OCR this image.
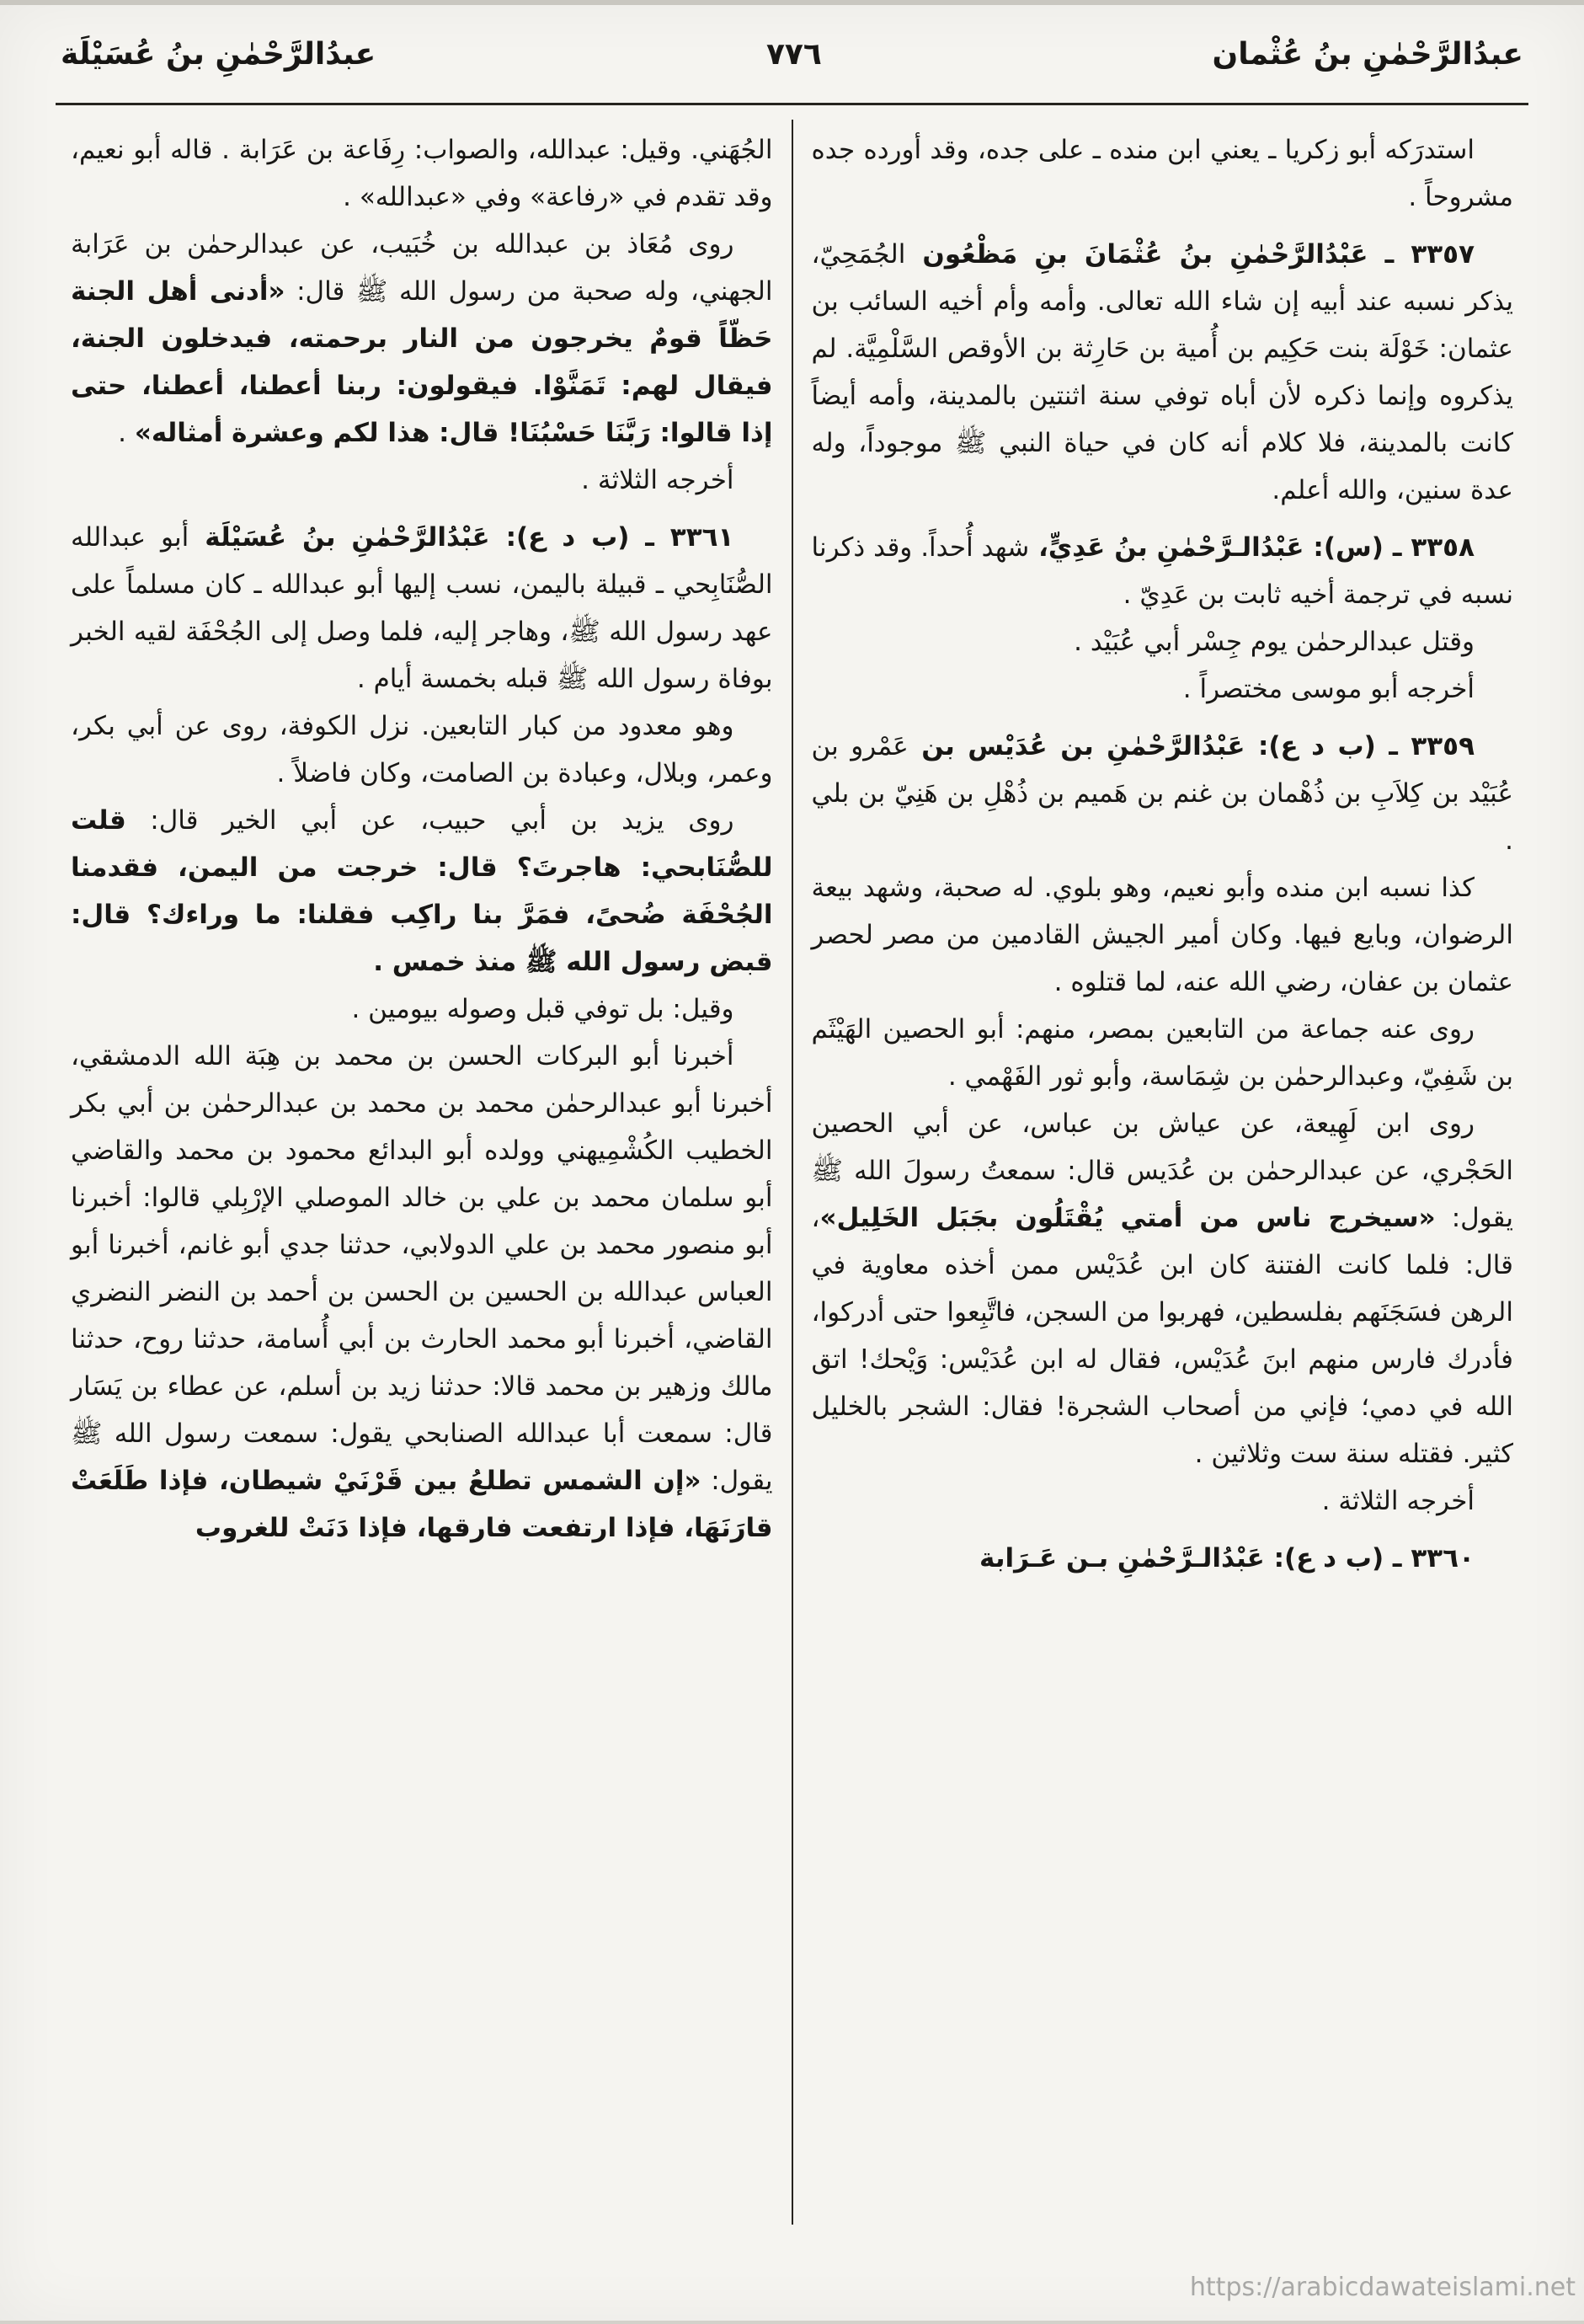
عبدُالرَّحْمٰنِ بنُ عُثْمان
٧٧٦
عبدُالرَّحْمٰنِ بنُ عُسَيْلَة

استدرَكه أبو زكريا ـ يعني ابن منده ـ على جده، وقد أورده جده مشروحاً .

٣٣٥٧ ـ عَبْدُالرَّحْمٰنِ بنُ عُثْمَانَ بنِ مَظْعُون الجُمَحِيّ، يذكر نسبه عند أبيه إن شاء الله تعالى. وأمه وأم أخيه السائب بن عثمان: خَوْلَة بنت حَكِيم بن أُمية بن حَارِثة بن الأوقص السَّلْمِيَّة. لم يذكروه وإنما ذكره لأن أباه توفي سنة اثنتين بالمدينة، وأمه أيضاً كانت بالمدينة، فلا كلام أنه كان في حياة النبي ﷺ موجوداً، وله عدة سنين، والله أعلم.

٣٣٥٨ ـ (س): عَبْدُالـرَّحْمٰنِ بنُ عَدِيٍّ، شهد أُحداً. وقد ذكرنا نسبه في ترجمة أخيه ثابت بن عَدِيّ .

وقتل عبدالرحمٰن يوم جِسْر أبي عُبَيْد .

أخرجه أبو موسى مختصراً .

٣٣٥٩ ـ (ب د ع): عَبْدُالرَّحْمٰنِ بن عُدَيْس بن عَمْرو بن عُبَيْد بن كِلاَبِ بن ذُهْمان بن غنم بن هَميم بن ذُهْلِ بن هَنِيّ بن بلي .

كذا نسبه ابن منده وأبو نعيم، وهو بلوي. له صحبة، وشهد بيعة الرضوان، وبايع فيها. وكان أمير الجيش القادمين من مصر لحصر عثمان بن عفان، رضي الله عنه، لما قتلوه .

روى عنه جماعة من التابعين بمصر، منهم: أبو الحصين الهَيْثَم بن شَفِيّ، وعبدالرحمٰن بن شِمَاسة، وأبو ثور الفَهْمي .

روى ابن لَهِيعة، عن عياش بن عباس، عن أبي الحصين الحَجْري، عن عبدالرحمٰن بن عُدَيس قال: سمعتُ رسولَ الله ﷺ يقول: «سيخرج ناس من أمتي يُقْتَلُون بجَبَل الخَلِيل»، قال: فلما كانت الفتنة كان ابن عُدَيْس ممن أخذه معاوية في الرهن فسَجَنَهم بفلسطين، فهربوا من السجن، فاتَّبِعوا حتى أدركوا، فأدرك فارس منهم ابنَ عُدَيْس، فقال له ابن عُدَيْس: وَيْحك! اتق الله في دمي؛ فإني من أصحاب الشجرة! فقال: الشجر بالخليل كثير. فقتله سنة ست وثلاثين .

أخرجه الثلاثة .

٣٣٦٠ ـ (ب د ع): عَبْدُالـرَّحْمٰنِ بـن عَـرَابة

الجُهَني. وقيل: عبدالله، والصواب: رِفَاعة بن عَرَابة . قاله أبو نعيم، وقد تقدم في «رفاعة» وفي «عبدالله» .

روى مُعَاذ بن عبدالله بن خُبَيب، عن عبدالرحمٰن بن عَرَابة الجهني، وله صحبة من رسول الله ﷺ قال: «أدنى أهل الجنة حَظّاً قومٌ يخرجون من النار برحمته، فيدخلون الجنة، فيقال لهم: تَمَنَّوْا. فيقولون: ربنا أعطنا، أعطنا، حتى إذا قالوا: رَبَّنَا حَسْبُنَا! قال: هذا لكم وعشرة أمثاله» .

أخرجه الثلاثة .

٣٣٦١ ـ (ب د ع): عَبْدُالرَّحْمٰنِ بنُ عُسَيْلَة أبو عبدالله الصُّنَابِحي ـ قبيلة باليمن، نسب إليها أبو عبدالله ـ كان مسلماً على عهد رسول الله ﷺ، وهاجر إليه، فلما وصل إلى الجُحْفَة لقيه الخبر بوفاة رسول الله ﷺ قبله بخمسة أيام .

وهو معدود من كبار التابعين. نزل الكوفة، روى عن أبي بكر، وعمر، وبلال، وعبادة بن الصامت، وكان فاضلاً .

روى يزيد بن أبي حبيب، عن أبي الخير قال: قلت للصُّنَابحي: هاجرتَ؟ قال: خرجت من اليمن، فقدمنا الجُحْفَة ضُحىً، فمَرَّ بنا راكِب فقلنا: ما وراءك؟ قال: قبض رسول الله ﷺ منذ خمس .

وقيل: بل توفي قبل وصوله بيومين .

أخبرنا أبو البركات الحسن بن محمد بن هِبَة الله الدمشقي، أخبرنا أبو عبدالرحمٰن محمد بن محمد بن عبدالرحمٰن بن أبي بكر الخطيب الكُشْمِيهني وولده أبو البدائع محمود بن محمد والقاضي أبو سلمان محمد بن علي بن خالد الموصلي الإرْبِلي قالوا: أخبرنا أبو منصور محمد بن علي الدولابي، حدثنا جدي أبو غانم، أخبرنا أبو العباس عبدالله بن الحسين بن الحسن بن أحمد بن النضر النضري القاضي، أخبرنا أبو محمد الحارث بن أبي أُسامة، حدثنا روح، حدثنا مالك وزهير بن محمد قالا: حدثنا زيد بن أسلم، عن عطاء بن يَسَار قال: سمعت أبا عبدالله الصنابحي يقول: سمعت رسول الله ﷺ يقول: «إن الشمس تطلعُ بين قَرْنَيْ شيطان، فإذا طَلَعَتْ قارَنَهَا، فإذا ارتفعت فارقها، فإذا دَنَتْ للغروب

https://arabicdawateislami.net
